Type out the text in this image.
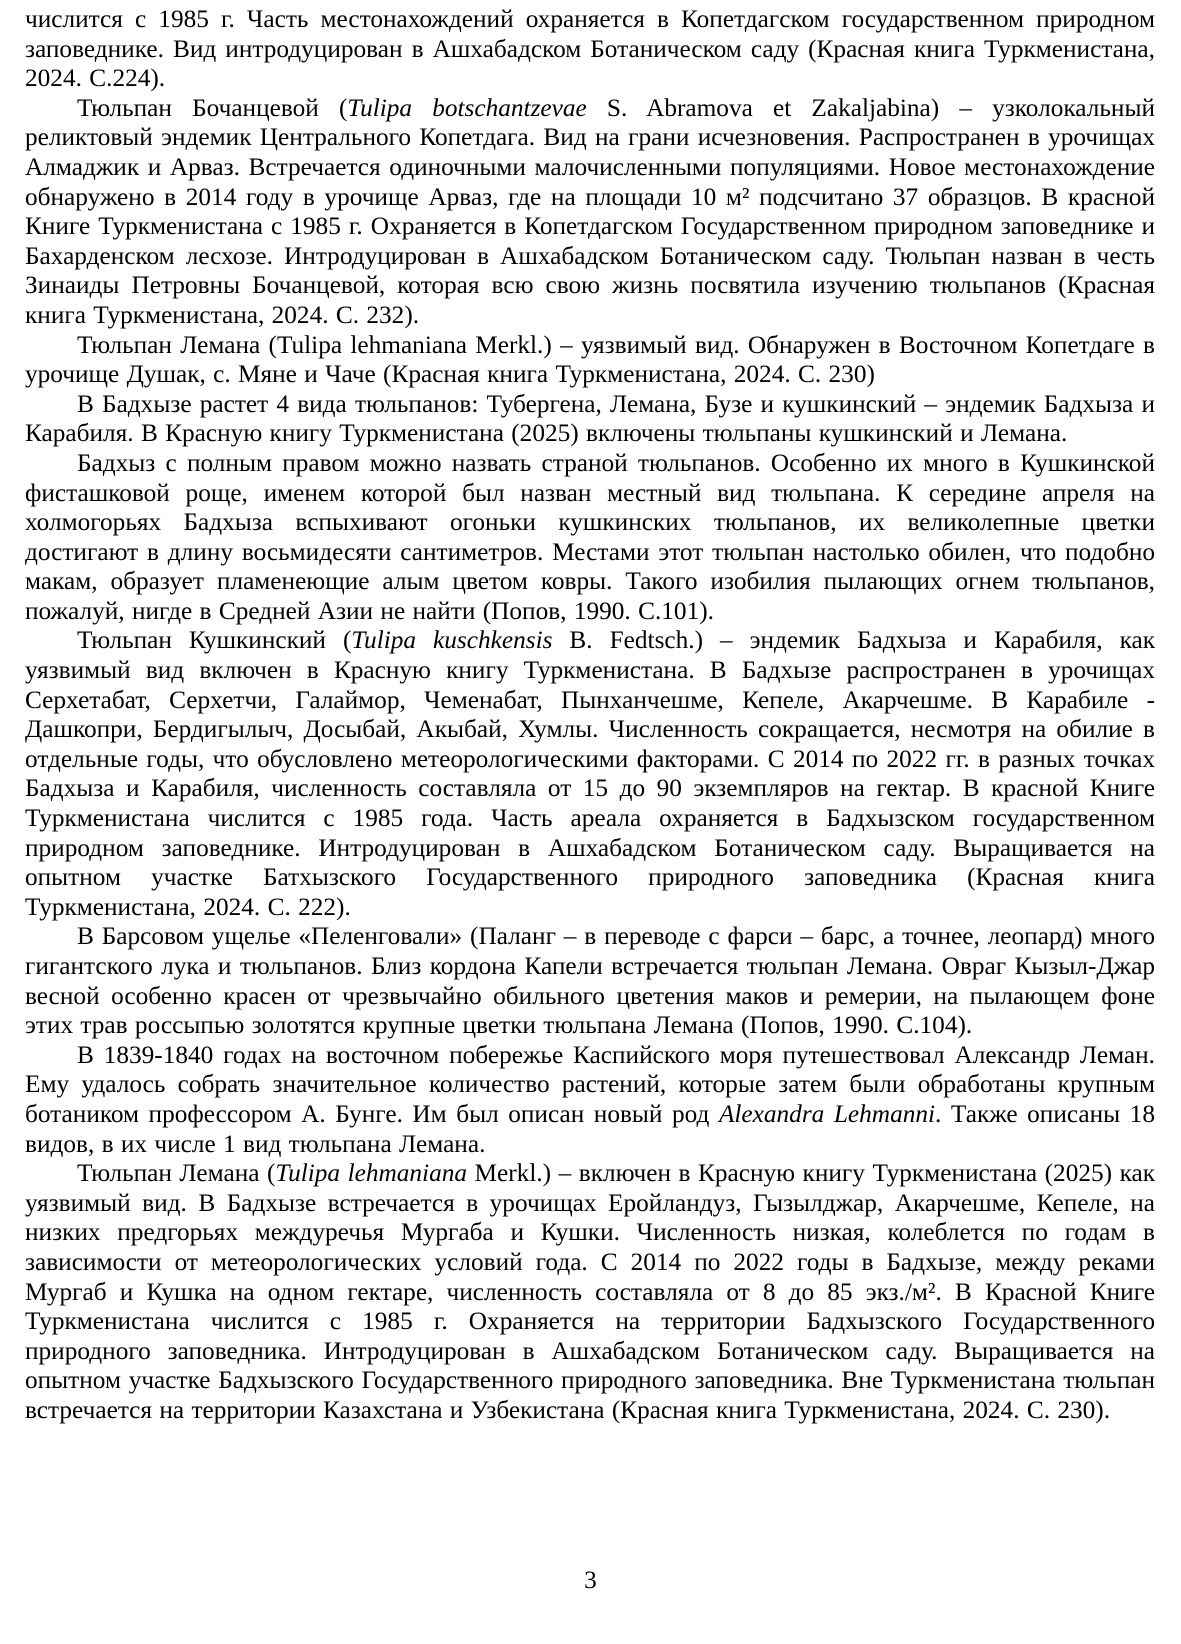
числится с 1985 г. Часть местонахождений охраняется в Копетдагском государственном природном заповеднике. Вид интродуцирован в Ашхабадском Ботаническом саду (Красная книга Туркменистана, 2024. С.224).

Тюльпан Бочанцевой (Tulipa botschantzevae S. Abramova et Zakaljabina) – узколокальный реликтовый эндемик Центрального Копетдага. Вид на грани исчезновения. Распространен в урочищах Алмаджик и Арваз. Встречается одиночными малочисленными популяциями. Новое местонахождение обнаружено в 2014 году в урочище Арваз, где на площади 10 м² подсчитано 37 образцов. В красной Книге Туркменистана с 1985 г. Охраняется в Копетдагском Государственном природном заповеднике и Бахарденском лесхозе. Интродуцирован в Ашхабадском Ботаническом саду. Тюльпан назван в честь Зинаиды Петровны Бочанцевой, которая всю свою жизнь посвятила изучению тюльпанов (Красная книга Туркменистана, 2024. С. 232).

Тюльпан Лемана (Tulipa lehmaniana Merkl.) – уязвимый вид. Обнаружен в Восточном Копетдаге в урочище Душак, с. Мяне и Чаче (Красная книга Туркменистана, 2024. С. 230)

В Бадхызе растет 4 вида тюльпанов: Тубергена, Лемана, Бузе и кушкинский – эндемик Бадхыза и Карабиля. В Красную книгу Туркменистана (2025) включены тюльпаны кушкинский и Лемана.

Бадхыз с полным правом можно назвать страной тюльпанов. Особенно их много в Кушкинской фисташковой роще, именем которой был назван местный вид тюльпана. К середине апреля на холмогорьях Бадхыза вспыхивают огоньки кушкинских тюльпанов, их великолепные цветки достигают в длину восьмидесяти сантиметров. Местами этот тюльпан настолько обилен, что подобно макам, образует пламенеющие алым цветом ковры. Такого изобилия пылающих огнем тюльпанов, пожалуй, нигде в Средней Азии не найти (Попов, 1990. С.101).

Тюльпан Кушкинский (Tulipa kuschkensis B. Fedtsch.) – эндемик Бадхыза и Карабиля, как уязвимый вид включен в Красную книгу Туркменистана. В Бадхызе распространен в урочищах Серхетабат, Серхетчи, Галаймор, Чеменабат, Пынханчешме, Кепеле, Акарчешме. В Карабиле - Дашкопри, Бердигылыч, Досыбай, Акыбай, Хумлы. Численность сокращается, несмотря на обилие в отдельные годы, что обусловлено метеорологическими факторами. С 2014 по 2022 гг. в разных точках Бадхыза и Карабиля, численность составляла от 15 до 90 экземпляров на гектар. В красной Книге Туркменистана числится с 1985 года. Часть ареала охраняется в Бадхызском государственном природном заповеднике. Интродуцирован в Ашхабадском Ботаническом саду. Выращивается на опытном участке Батхызского Государственного природного заповедника (Красная книга Туркменистана, 2024. С. 222).

В Барсовом ущелье «Пеленговали» (Паланг – в переводе с фарси – барс, а точнее, леопард) много гигантского лука и тюльпанов. Близ кордона Капели встречается тюльпан Лемана. Овраг Кызыл-Джар весной особенно красен от чрезвычайно обильного цветения маков и ремерии, на пылающем фоне этих трав россыпью золотятся крупные цветки тюльпана Лемана (Попов, 1990. С.104).

В 1839-1840 годах на восточном побережье Каспийского моря путешествовал Александр Леман. Ему удалось собрать значительное количество растений, которые затем были обработаны крупным ботаником профессором А. Бунге. Им был описан новый род Alexandra Lehmanni. Также описаны 18 видов, в их числе 1 вид тюльпана Лемана.

Тюльпан Лемана (Tulipa lehmaniana Merkl.) – включен в Красную книгу Туркменистана (2025) как уязвимый вид. В Бадхызе встречается в урочищах Еройландуз, Гызылджар, Акарчешме, Кепеле, на низких предгорьях междуречья Мургаба и Кушки. Численность низкая, колеблется по годам в зависимости от метеорологических условий года. С 2014 по 2022 годы в Бадхызе, между реками Мургаб и Кушка на одном гектаре, численность составляла от 8 до 85 экз./м². В Красной Книге Туркменистана числится с 1985 г. Охраняется на территории Бадхызского Государственного природного заповедника. Интродуцирован в Ашхабадском Ботаническом саду. Выращивается на опытном участке Бадхызского Государственного природного заповедника. Вне Туркменистана тюльпан встречается на территории Казахстана и Узбекистана (Красная книга Туркменистана, 2024. С. 230).

3
